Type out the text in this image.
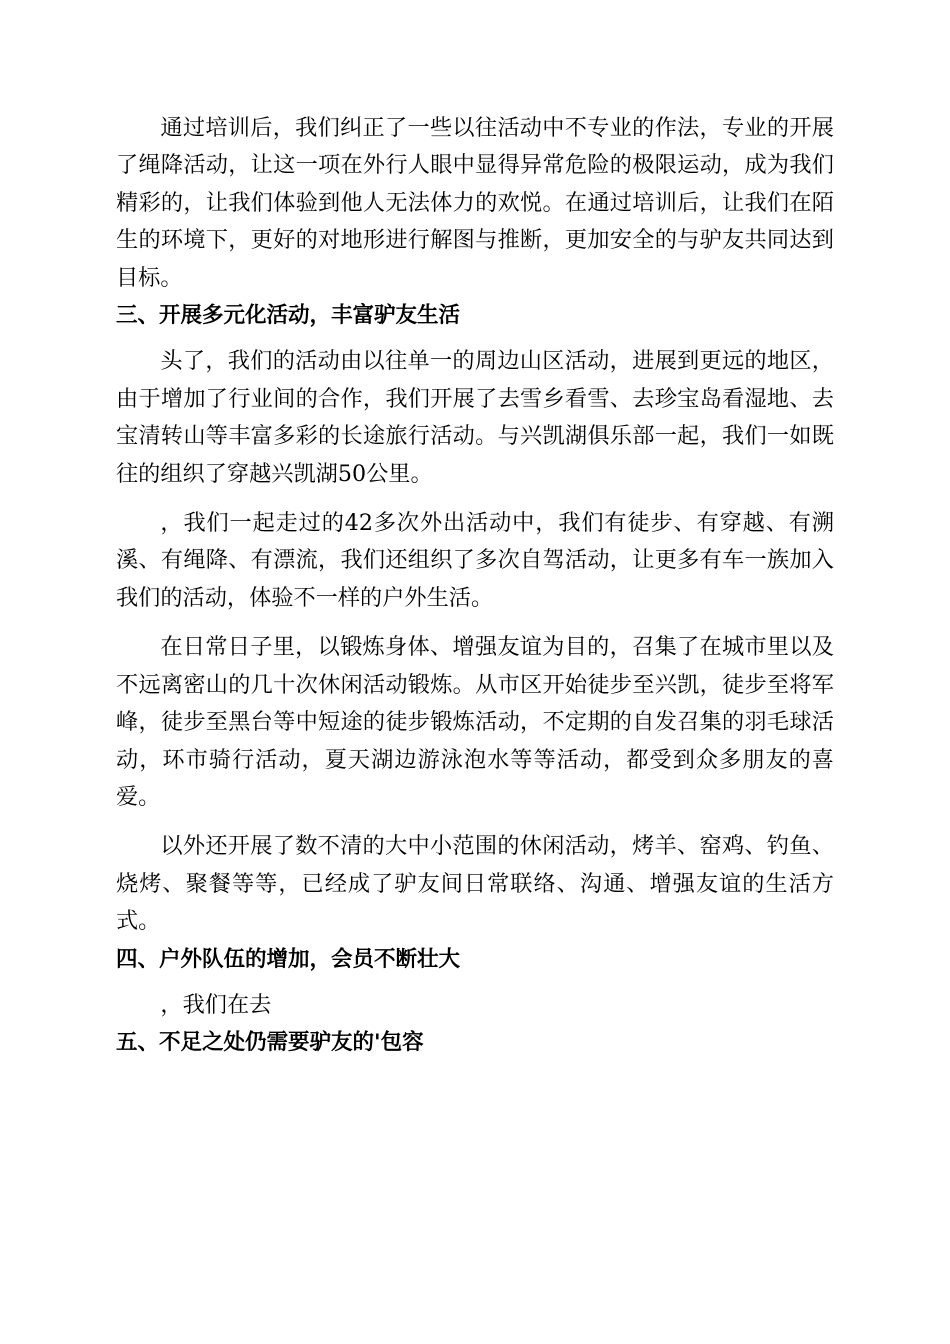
通过培训后，我们纠正了一些以往活动中不专业的作法，专业的开展了绳降活动，让这一项在外行人眼中显得异常危险的极限运动，成为我们精彩的，让我们体验到他人无法体力的欢悦。在通过培训后，让我们在陌生的环境下，更好的对地形进行解图与推断，更加安全的与驴友共同达到目标。

三、开展多元化活动，丰富驴友生活

头了，我们的活动由以往单一的周边山区活动，进展到更远的地区，由于增加了行业间的合作，我们开展了去雪乡看雪、去珍宝岛看湿地、去宝清转山等丰富多彩的长途旅行活动。与兴凯湖俱乐部一起，我们一如既往的组织了穿越兴凯湖50公里。

，我们一起走过的42多次外出活动中，我们有徒步、有穿越、有溯溪、有绳降、有漂流，我们还组织了多次自驾活动，让更多有车一族加入我们的活动，体验不一样的户外生活。

在日常日子里，以锻炼身体、增强友谊为目的，召集了在城市里以及不远离密山的几十次休闲活动锻炼。从市区开始徒步至兴凯，徒步至将军峰，徒步至黑台等中短途的徒步锻炼活动，不定期的自发召集的羽毛球活动，环市骑行活动，夏天湖边游泳泡水等等活动，都受到众多朋友的喜爱。

以外还开展了数不清的大中小范围的休闲活动，烤羊、窑鸡、钓鱼、烧烤、聚餐等等，已经成了驴友间日常联络、沟通、增强友谊的生活方式。

四、户外队伍的增加，会员不断壮大

，我们在去

五、不足之处仍需要驴友的'包容
